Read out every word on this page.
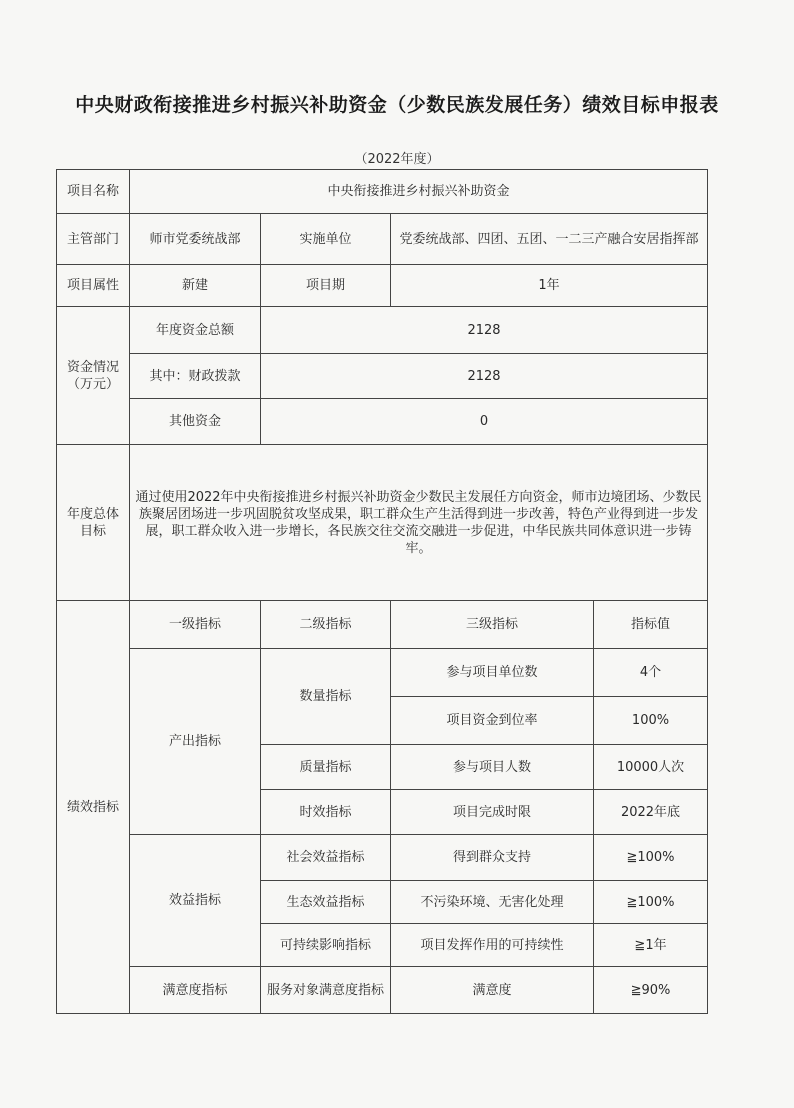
中央财政衔接推进乡村振兴补助资金（少数民族发展任务）绩效目标申报表
（2022年度）
项目名称	中央衔接推进乡村振兴补助资金			
主管部门	师市党委统战部	实施单位	党委统战部、四团、五团、一二三产融合安居指挥部	
项目属性	新建	项目期	1年	
资金情况（万元）	年度资金总额	2128		
	其中：财政拨款	2128		
	其他资金	0		
年度总体目标	通过使用2022年中央衔接推进乡村振兴补助资金少数民主发展任方向资金，师市边境团场、少数民族聚居团场进一步巩固脱贫攻坚成果，职工群众生产生活得到进一步改善，特色产业得到进一步发展，职工群众收入进一步增长，各民族交往交流交融进一步促进，中华民族共同体意识进一步铸牢。			
绩效指标	一级指标	二级指标	三级指标	指标值
	产出指标	数量指标	参与项目单位数	4个
			项目资金到位率	100%
		质量指标	参与项目人数	10000人次
		时效指标	项目完成时限	2022年底
	效益指标	社会效益指标	得到群众支持	≧100%
		生态效益指标	不污染环境、无害化处理	≧100%
		可持续影响指标	项目发挥作用的可持续性	≧1年
	满意度指标	服务对象满意度指标	满意度	≧90%
